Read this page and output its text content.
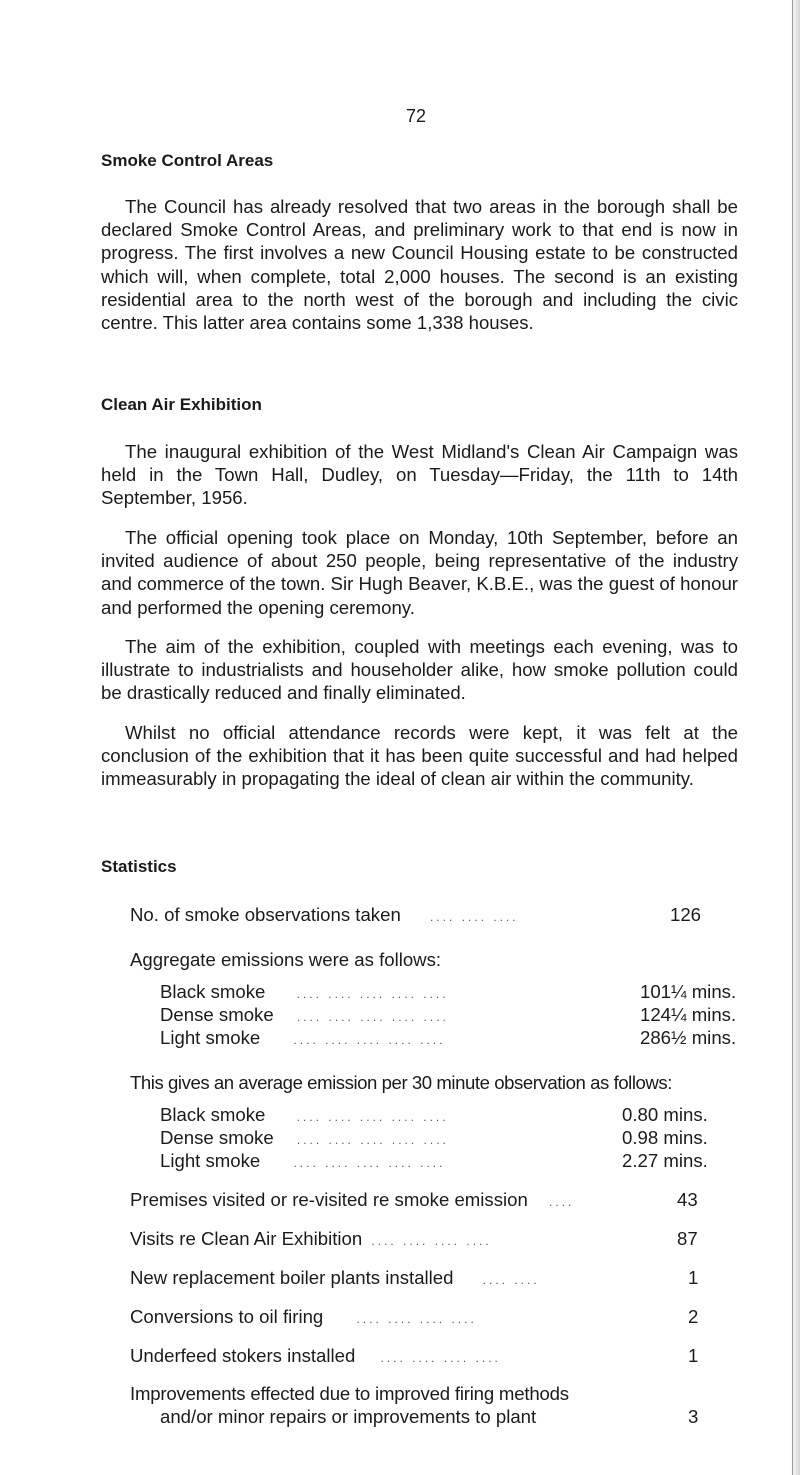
72
Smoke Control Areas

The Council has already resolved that two areas in the borough shall be declared Smoke Control Areas, and preliminary work to that end is now in progress. The first involves a new Council Housing estate to be constructed which will, when complete, total 2,000 houses. The second is an existing residential area to the north west of the borough and including the civic centre. This latter area contains some 1,338 houses.

Clean Air Exhibition

The inaugural exhibition of the West Midland's Clean Air Campaign was held in the Town Hall, Dudley, on Tuesday—Friday, the 11th to 14th September, 1956.

The official opening took place on Monday, 10th September, before an invited audience of about 250 people, being representative of the industry and commerce of the town. Sir Hugh Beaver, K.B.E., was the guest of honour and performed the opening ceremony.

The aim of the exhibition, coupled with meetings each evening, was to illustrate to industrialists and householder alike, how smoke pollution could be drastically reduced and finally eliminated.

Whilst no official attendance records were kept, it was felt at the conclusion of the exhibition that it has been quite successful and had helped immeasurably in propagating the ideal of clean air within the community.

Statistics
No. of smoke observations taken .... .... ....	126
Aggregate emissions were as follows:
Black smoke	.... .... .... .... ....	101¼ mins.
Dense smoke .... .... .... .... ....	124¼ mins.
Light smoke	.... .... .... .... ....	286½ mins.
This gives an average emission per 30 minute observation as follows:
Black smoke	.... .... .... .... ....	0.80 mins.
Dense smoke .... .... .... .... ....	0.98 mins.
Light smoke	.... .... .... .... ....	2.27 mins.
Premises visited or re-visited re smoke emission ....	43
Visits re Clean Air Exhibition .... .... .... ....	87
New replacement boiler plants installed .... ....	1
Conversions to oil firing	.... .... .... ....	2
Underfeed stokers installed .... .... .... ....	1
Improvements effected due to improved firing methods
and/or minor repairs or improvements to plant	3
